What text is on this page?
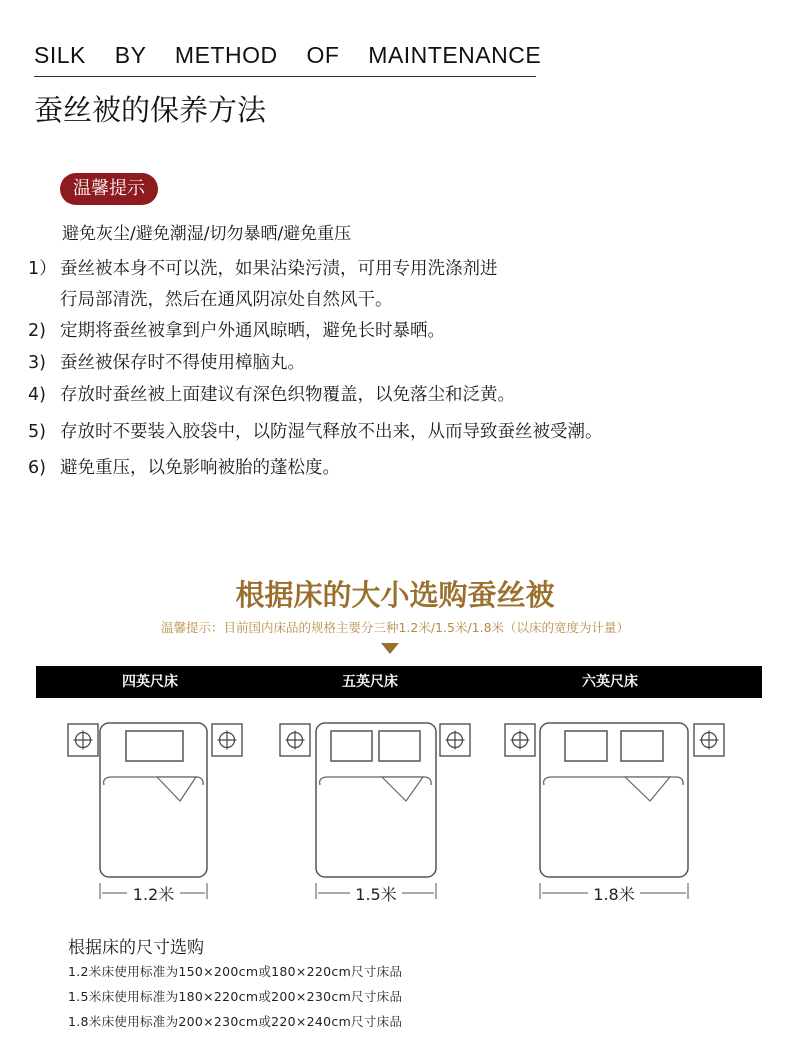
SILK BY METHOD OF MAINTENANCE
蚕丝被的保养方法
温馨提示
避免灰尘/避免潮湿/切勿暴晒/避免重压
1） 蚕丝被本身不可以洗，如果沾染污渍，可用专用洗涤剂进
行局部清洗，然后在通风阴凉处自然风干。
2) 定期将蚕丝被拿到户外通风晾晒，避免长时暴晒。
3) 蚕丝被保存时不得使用樟脑丸。
4) 存放时蚕丝被上面建议有深色织物覆盖，以免落尘和泛黄。
5) 存放时不要装入胶袋中，以防湿气释放不出来，从而导致蚕丝被受潮。
6) 避免重压，以免影响被胎的蓬松度。
根据床的大小选购蚕丝被
温馨提示：目前国内床品的规格主要分三种1.2米/1.5米/1.8米（以床的宽度为计量）
四英尺床	五英尺床	六英尺床
1.2米	1.5米	1.8米
根据床的尺寸选购
1.2米床使用标准为150×200cm或180×220cm尺寸床品
1.5米床使用标准为180×220cm或200×230cm尺寸床品
1.8米床使用标准为200×230cm或220×240cm尺寸床品
